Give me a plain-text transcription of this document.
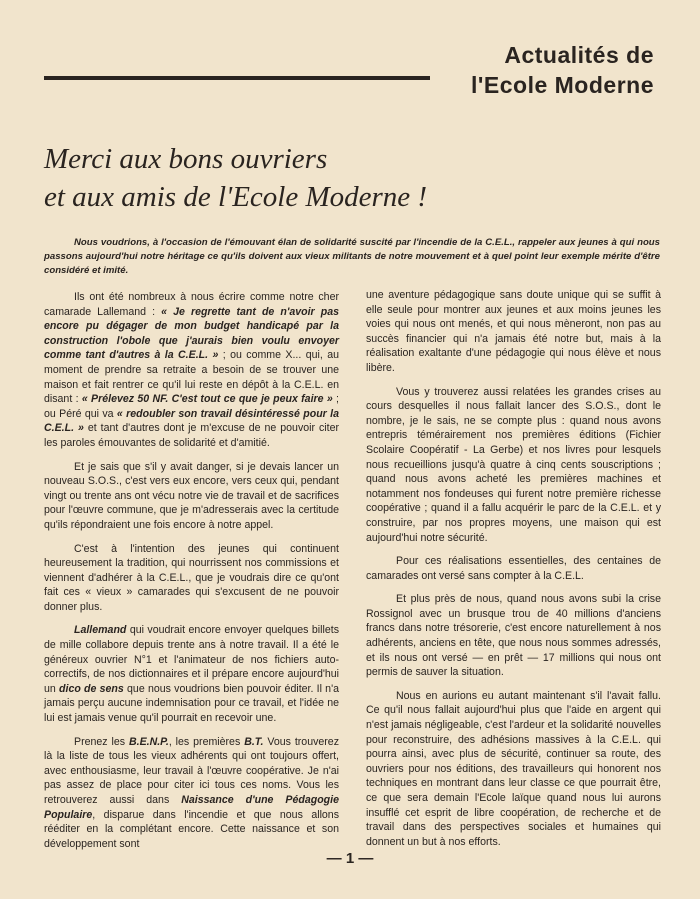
Actualités de
l'Ecole Moderne
Merci aux bons ouvriers
et aux amis de l'Ecole Moderne !
Nous voudrions, à l'occasion de l'émouvant élan de solidarité suscité par l'incendie de la C.E.L., rappeler aux jeunes à qui nous passons aujourd'hui notre héritage ce qu'ils doivent aux vieux militants de notre mouvement et à quel point leur exemple mérite d'être considéré et imité.

Ils ont été nombreux à nous écrire comme notre cher camarade Lallemand : « Je regrette tant de n'avoir pas encore pu dégager de mon budget handicapé par la construction l'obole que j'aurais bien voulu envoyer comme tant d'autres à la C.E.L. » ; ou comme X... qui, au moment de prendre sa retraite a besoin de se trouver une maison et fait rentrer ce qu'il lui reste en dépôt à la C.E.L. en disant : « Prélevez 50 NF. C'est tout ce que je peux faire » ; ou Péré qui va « redoubler son travail désintéressé pour la C.E.L. » et tant d'autres dont je m'excuse de ne pouvoir citer les paroles émouvantes de solidarité et d'amitié.

Et je sais que s'il y avait danger, si je devais lancer un nouveau S.O.S., c'est vers eux encore, vers ceux qui, pendant vingt ou trente ans ont vécu notre vie de travail et de sacrifices pour l'œuvre commune, que je m'adresserais avec la certitude qu'ils répondraient une fois encore à notre appel.

C'est à l'intention des jeunes qui continuent heureusement la tradition, qui nourrissent nos commissions et viennent d'adhérer à la C.E.L., que je voudrais dire ce qu'ont fait ces « vieux » camarades qui s'excusent de ne pouvoir donner plus.

Lallemand qui voudrait encore envoyer quelques billets de mille collabore depuis trente ans à notre travail. Il a été le généreux ouvrier N°1 et l'animateur de nos fichiers auto-correctifs, de nos dictionnaires et il prépare encore aujourd'hui un dico de sens que nous voudrions bien pouvoir éditer. Il n'a jamais perçu aucune indemnisation pour ce travail, et l'idée ne lui est jamais venue qu'il pourrait en recevoir une.

Prenez les B.E.N.P., les premières B.T. Vous trouverez là la liste de tous les vieux adhérents qui ont toujours offert, avec enthousiasme, leur travail à l'œuvre coopérative. Je n'ai pas assez de place pour citer ici tous ces noms. Vous les retrouverez aussi dans Naissance d'une Pédagogie Populaire, disparue dans l'incendie et que nous allons rééditer en la complétant encore. Cette naissance et son développement sont

une aventure pédagogique sans doute unique qui se suffit à elle seule pour montrer aux jeunes et aux moins jeunes les voies qui nous ont menés, et qui nous mèneront, non pas au succès financier qui n'a jamais été notre but, mais à la réalisation exaltante d'une pédagogie qui nous élève et nous libère.

Vous y trouverez aussi relatées les grandes crises au cours desquelles il nous fallait lancer des S.O.S., dont le nombre, je le sais, ne se compte plus : quand nous avons entrepris témérairement nos premières éditions (Fichier Scolaire Coopératif - La Gerbe) et nos livres pour lesquels nous recueillions jusqu'à quatre à cinq cents souscriptions ; quand nous avons acheté les premières machines et notamment nos fondeuses qui furent notre première richesse coopérative ; quand il a fallu acquérir le parc de la C.E.L. et y construire, par nos propres moyens, une maison qui est aujourd'hui notre sécurité.

Pour ces réalisations essentielles, des centaines de camarades ont versé sans compter à la C.E.L.

Et plus près de nous, quand nous avons subi la crise Rossignol avec un brusque trou de 40 millions d'anciens francs dans notre trésorerie, c'est encore naturellement à nos adhérents, anciens en tête, que nous nous sommes adressés, et ils nous ont versé — en prêt — 17 millions qui nous ont permis de sauver la situation.

Nous en aurions eu autant maintenant s'il l'avait fallu. Ce qu'il nous fallait aujourd'hui plus que l'aide en argent qui n'est jamais négligeable, c'est l'ardeur et la solidarité nouvelles pour reconstruire, des adhésions massives à la C.E.L. qui pourra ainsi, avec plus de sécurité, continuer sa route, des ouvriers pour nos éditions, des travailleurs qui honorent nos techniques en montrant dans leur classe ce que pourrait être, ce que sera demain l'Ecole laïque quand nous lui aurons insufflé cet esprit de libre coopération, de recherche et de travail dans des perspectives sociales et humaines qui donnent un but à nos efforts.

— 1 —
